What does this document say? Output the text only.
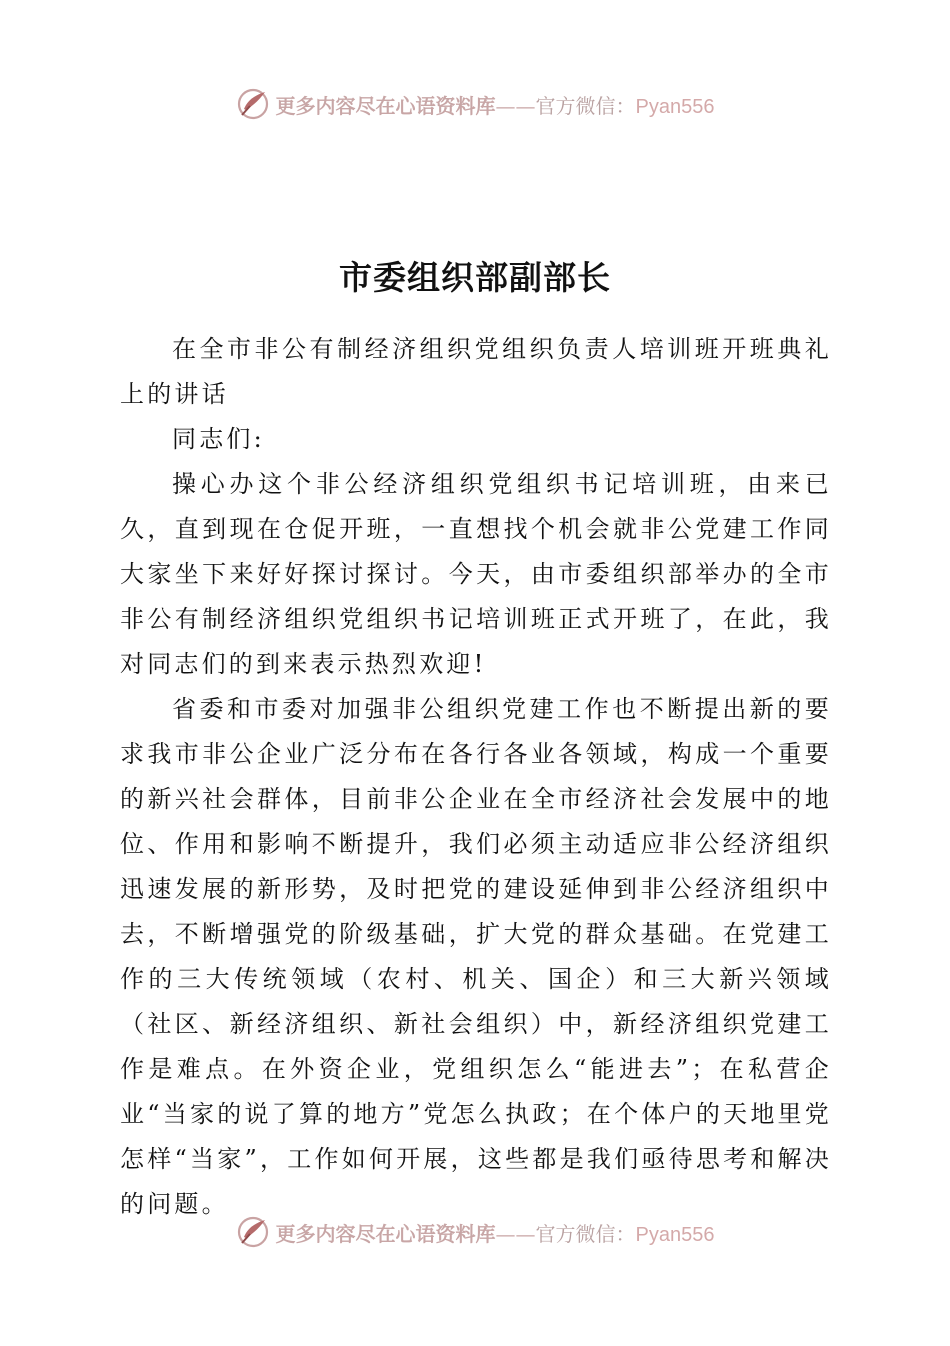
更多内容尽在心语资料库——官方微信：Pyan556
市委组织部副部长

在全市非公有制经济组织党组织负责人培训班开班典礼上的讲话

同志们:

操心办这个非公经济组织党组织书记培训班，由来已久，直到现在仓促开班，一直想找个机会就非公党建工作同大家坐下来好好探讨探讨。今天，由市委组织部举办的全市非公有制经济组织党组织书记培训班正式开班了，在此，我对同志们的到来表示热烈欢迎!

省委和市委对加强非公组织党建工作也不断提出新的要求我市非公企业广泛分布在各行各业各领域，构成一个重要的新兴社会群体，目前非公企业在全市经济社会发展中的地位、作用和影响不断提升，我们必须主动适应非公经济组织迅速发展的新形势，及时把党的建设延伸到非公经济组织中去，不断增强党的阶级基础，扩大党的群众基础。在党建工作的三大传统领域（农村、机关、国企）和三大新兴领域（社区、新经济组织、新社会组织）中，新经济组织党建工作是难点。在外资企业，党组织怎么“能进去”；在私营企业“当家的说了算的地方”党怎么执政；在个体户的天地里党怎样“当家”，工作如何开展，这些都是我们亟待思考和解决的问题。

更多内容尽在心语资料库——官方微信：Pyan556
